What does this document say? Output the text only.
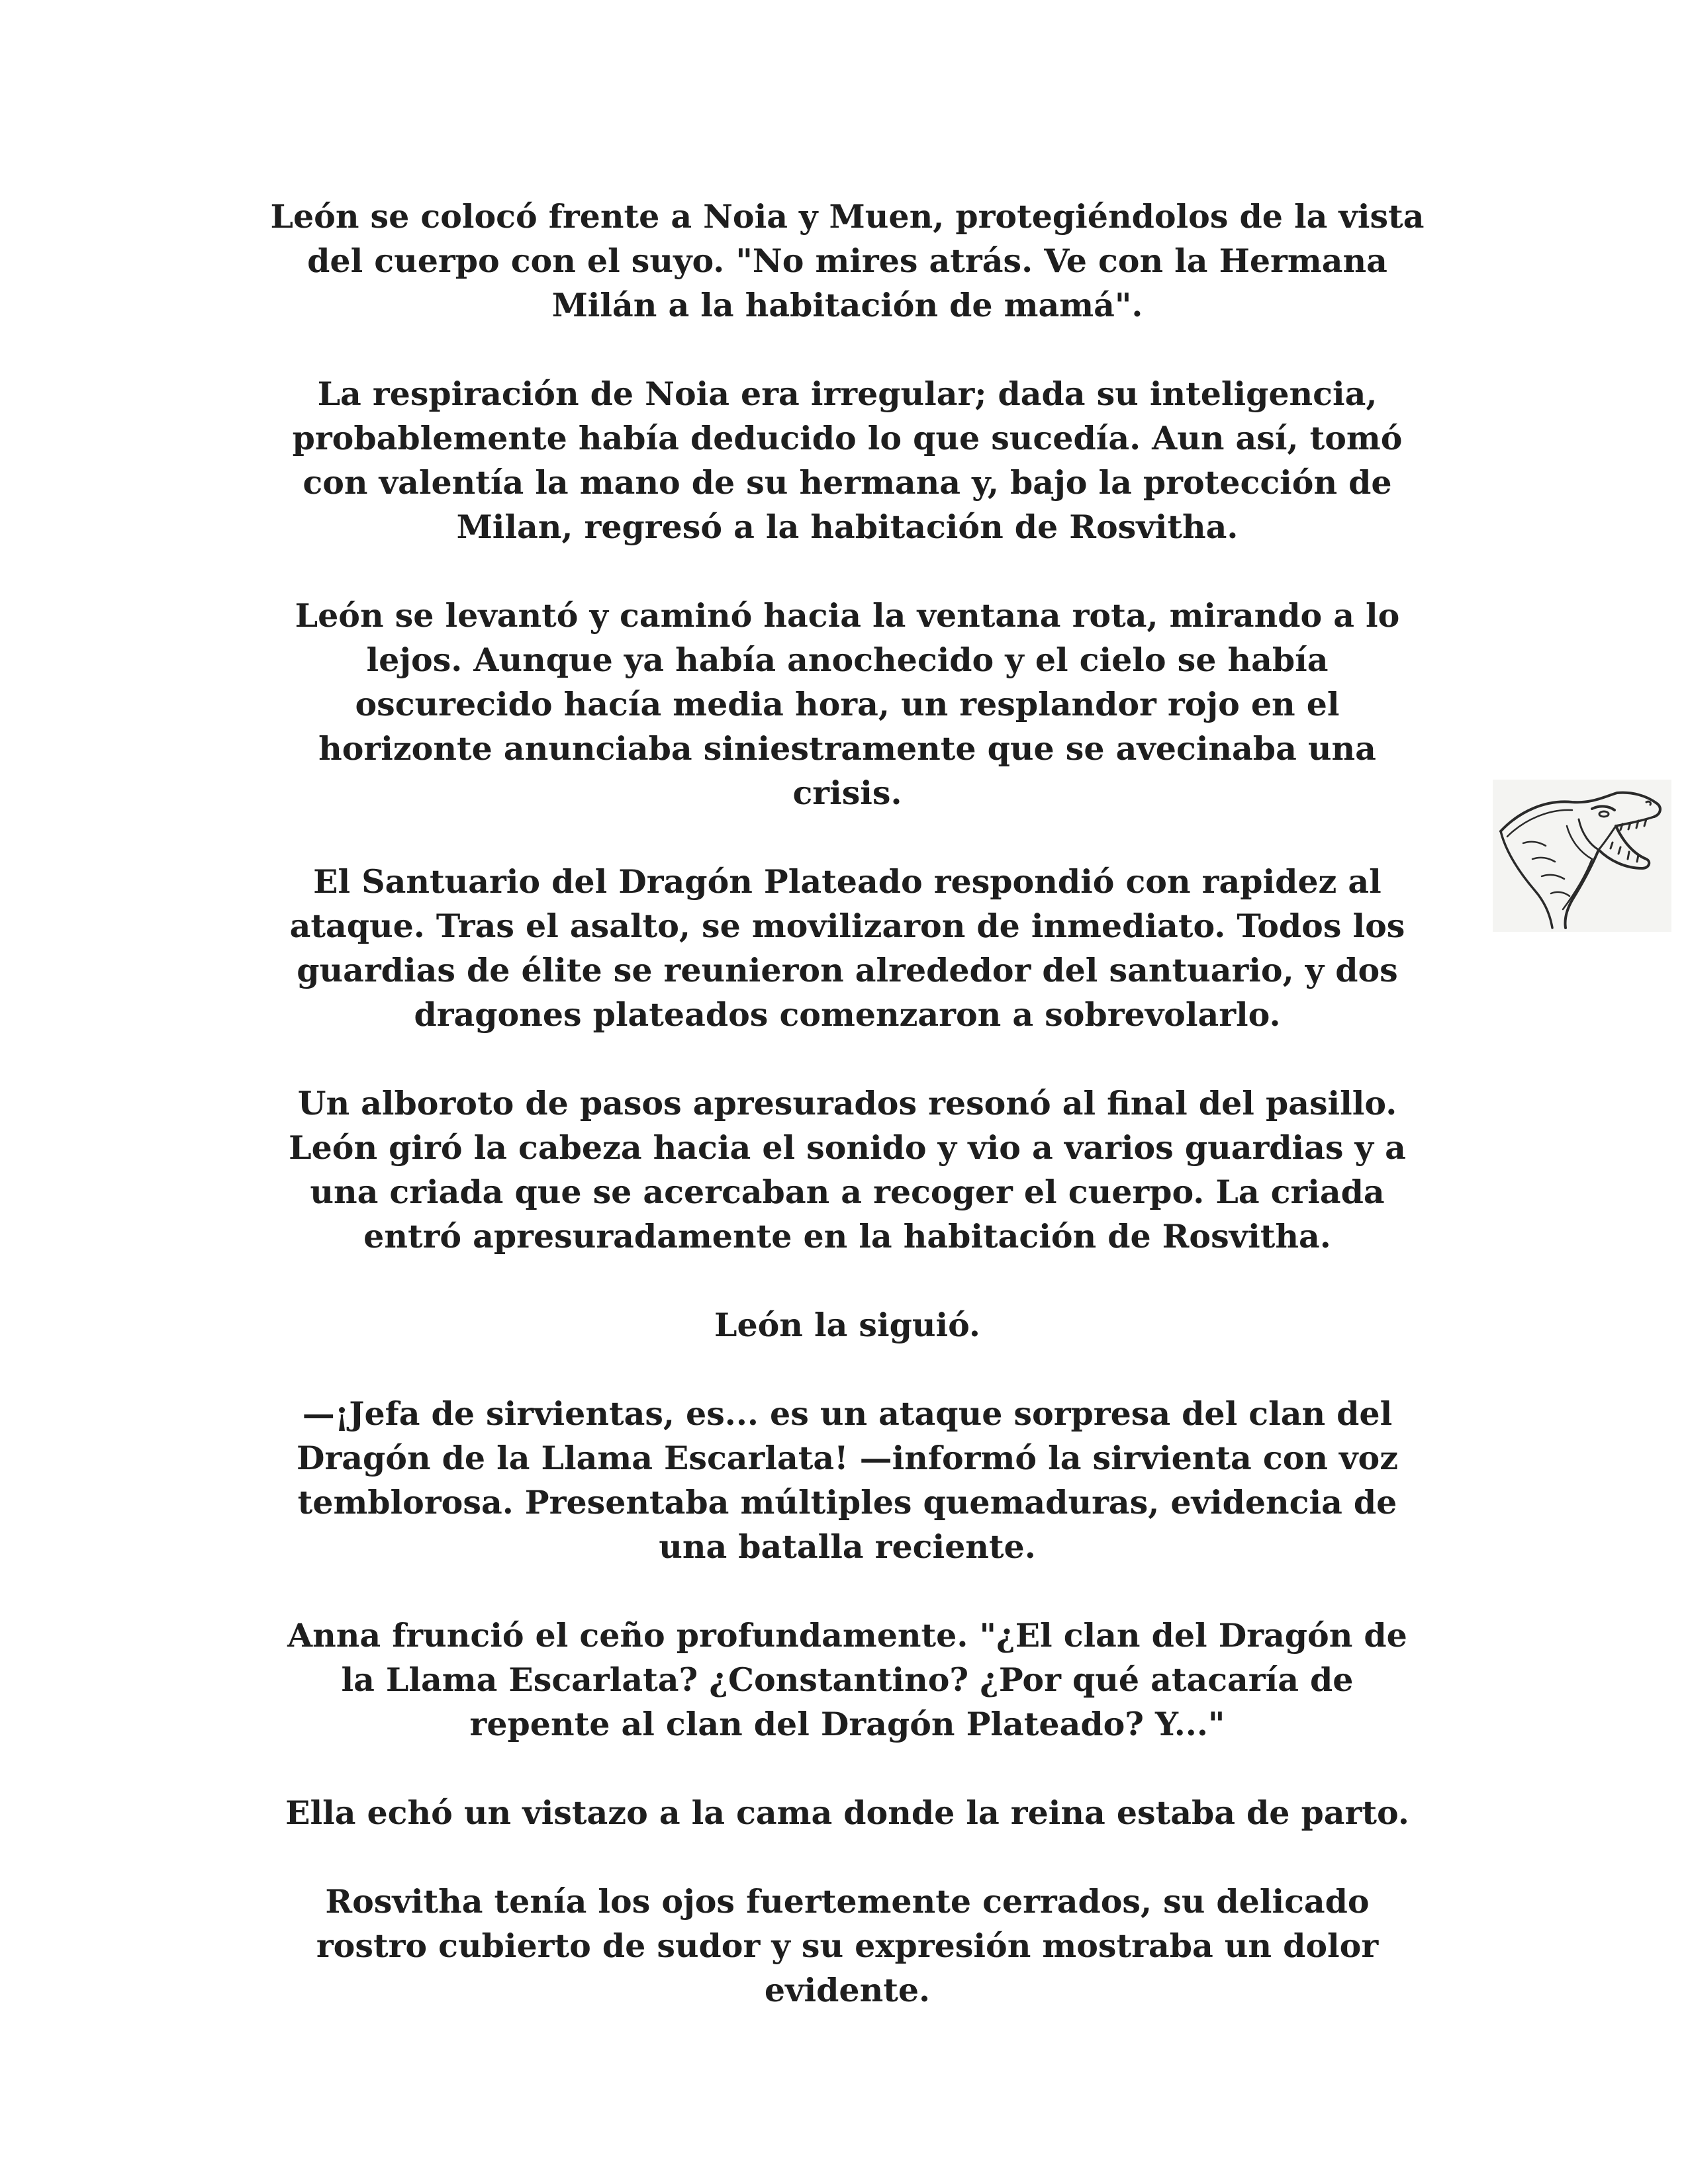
León se colocó frente a Noia y Muen, protegiéndolos de la vista
del cuerpo con el suyo. "No mires atrás. Ve con la Hermana
Milán a la habitación de mamá".

La respiración de Noia era irregular; dada su inteligencia,
probablemente había deducido lo que sucedía. Aun así, tomó
con valentía la mano de su hermana y, bajo la protección de
Milan, regresó a la habitación de Rosvitha.

León se levantó y caminó hacia la ventana rota, mirando a lo
lejos. Aunque ya había anochecido y el cielo se había
oscurecido hacía media hora, un resplandor rojo en el
horizonte anunciaba siniestramente que se avecinaba una
crisis.

El Santuario del Dragón Plateado respondió con rapidez al
ataque. Tras el asalto, se movilizaron de inmediato. Todos los
guardias de élite se reunieron alrededor del santuario, y dos
dragones plateados comenzaron a sobrevolarlo.

Un alboroto de pasos apresurados resonó al final del pasillo.
León giró la cabeza hacia el sonido y vio a varios guardias y a
una criada que se acercaban a recoger el cuerpo. La criada
entró apresuradamente en la habitación de Rosvitha.

León la siguió.

—¡Jefa de sirvientas, es... es un ataque sorpresa del clan del
Dragón de la Llama Escarlata! —informó la sirvienta con voz
temblorosa. Presentaba múltiples quemaduras, evidencia de
una batalla reciente.

Anna frunció el ceño profundamente. "¿El clan del Dragón de
la Llama Escarlata? ¿Constantino? ¿Por qué atacaría de
repente al clan del Dragón Plateado? Y..."

Ella echó un vistazo a la cama donde la reina estaba de parto.

Rosvitha tenía los ojos fuertemente cerrados, su delicado
rostro cubierto de sudor y su expresión mostraba un dolor
evidente.
